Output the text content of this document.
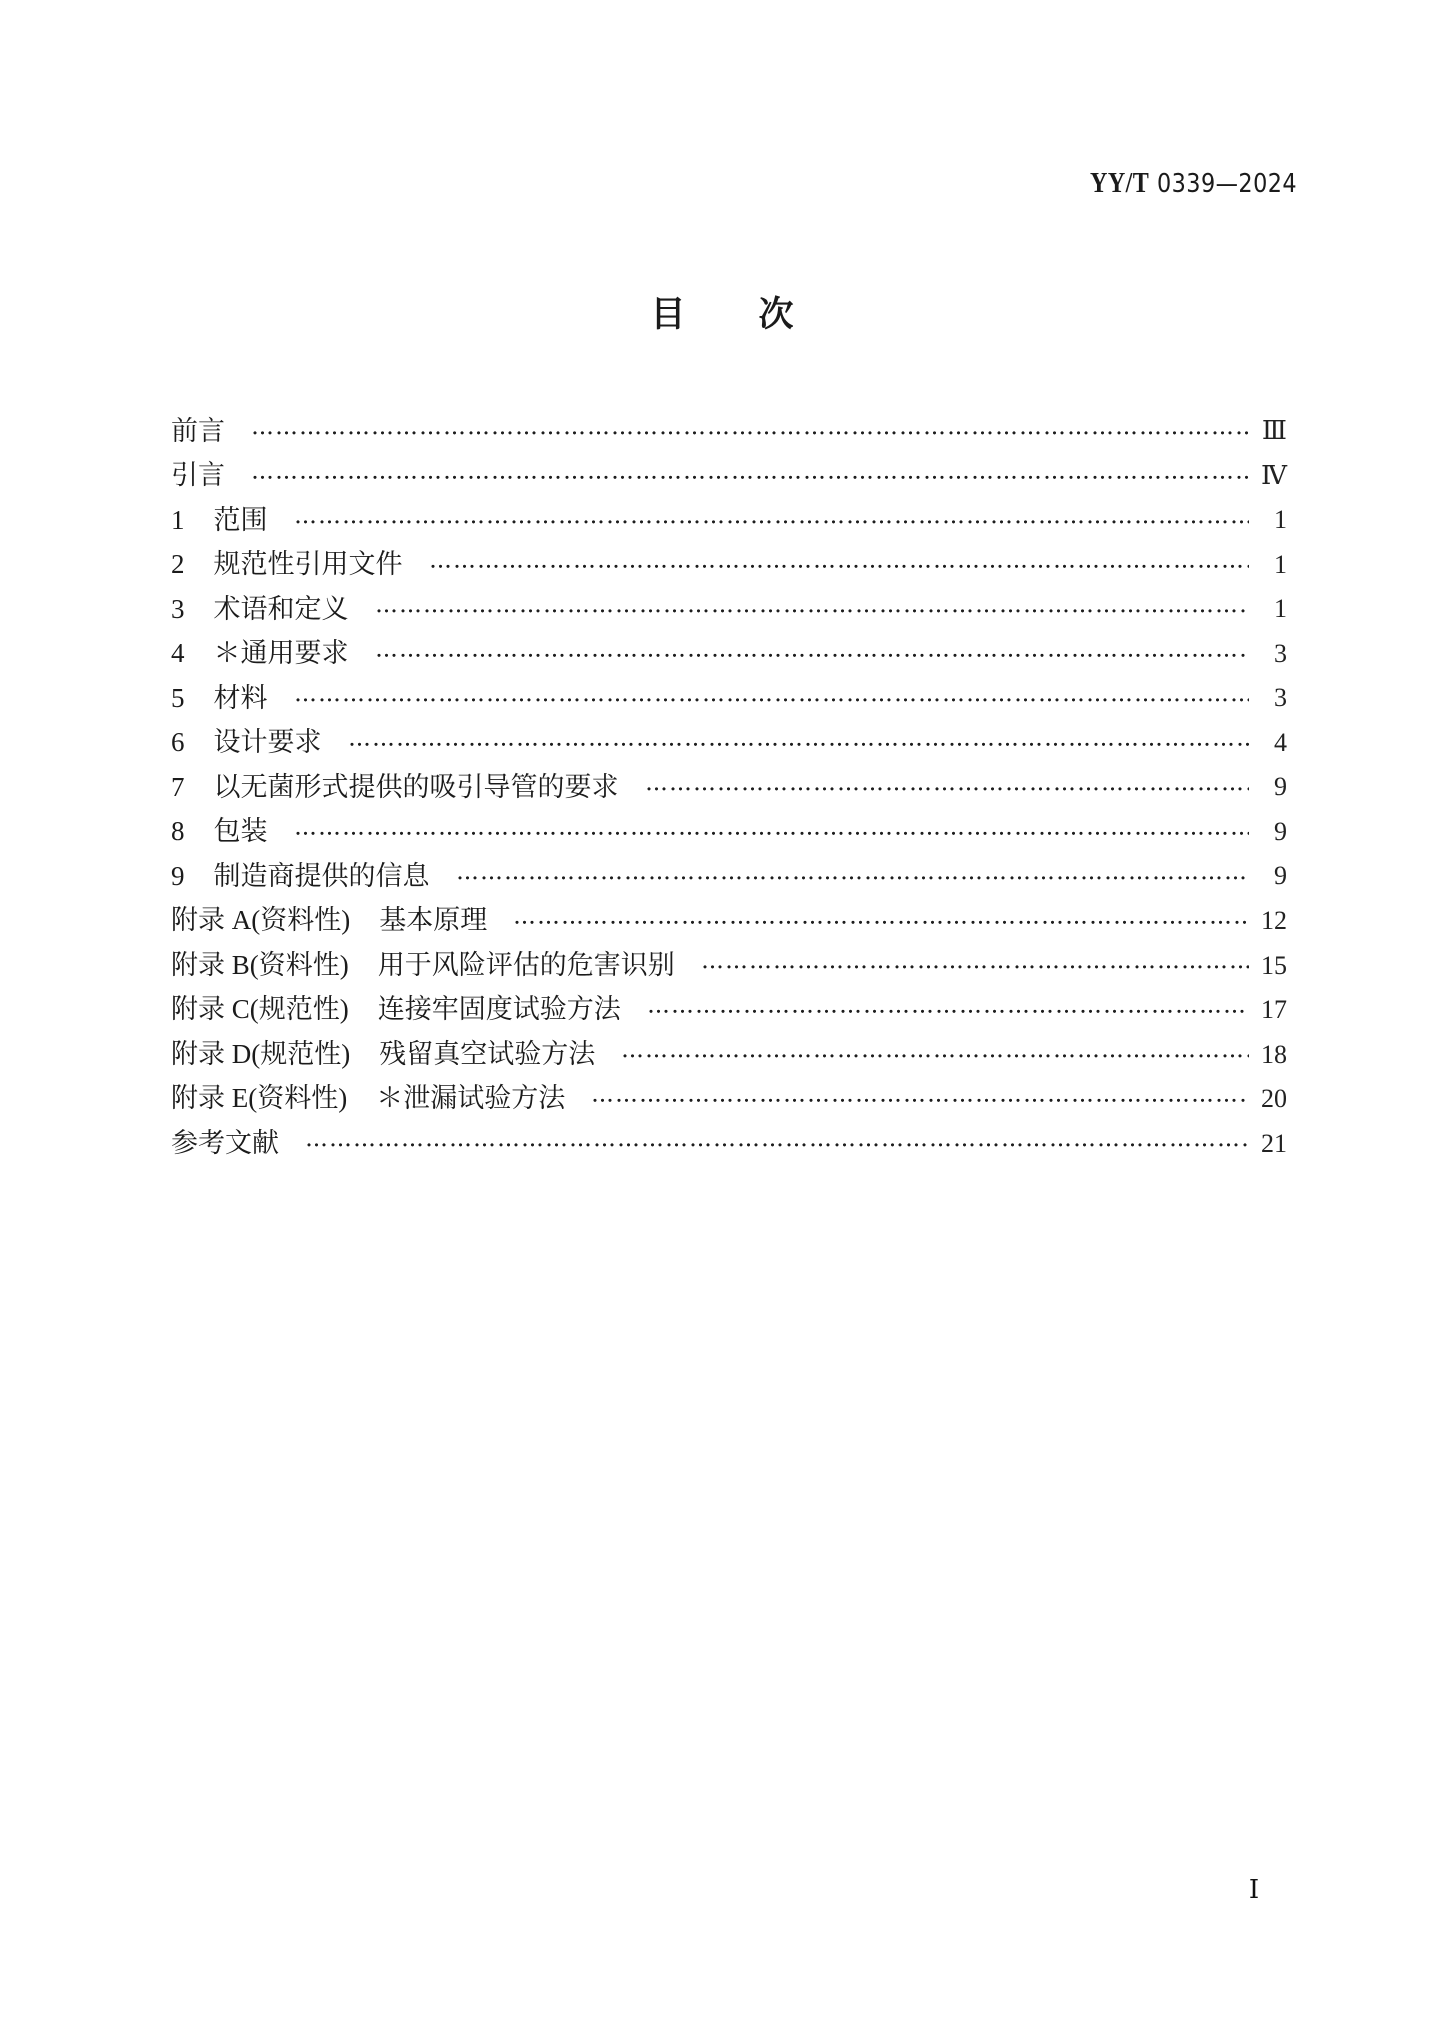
YY/T 0339—2024
目　　次
前言	Ⅲ
引言	Ⅳ
1 范围	1
2 规范性引用文件	1
3 术语和定义	1
4 ＊通用要求	3
5 材料	3
6 设计要求	4
7 以无菌形式提供的吸引导管的要求	9
8 包装	9
9 制造商提供的信息	9
附录 A(资料性) 基本原理	12
附录 B(资料性) 用于风险评估的危害识别	15
附录 C(规范性) 连接牢固度试验方法	17
附录 D(规范性) 残留真空试验方法	18
附录 E(资料性) ＊泄漏试验方法	20
参考文献	21
Ⅰ
